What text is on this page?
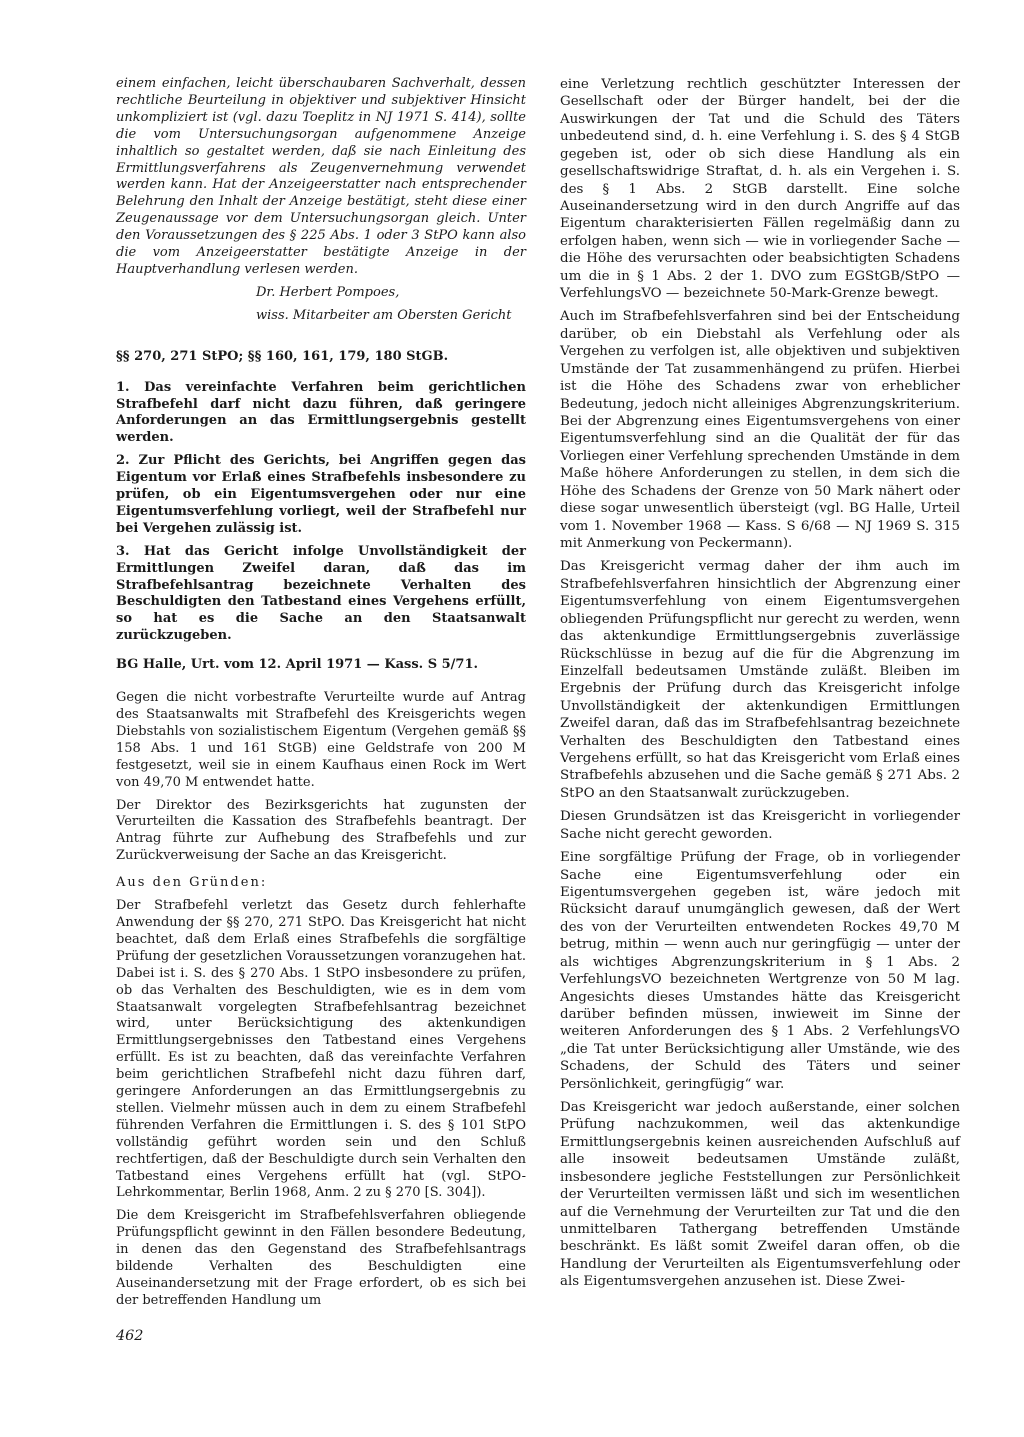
einem einfachen, leicht überschaubaren Sachverhalt, dessen rechtliche Beurteilung in objektiver und subjektiver Hinsicht unkompliziert ist (vgl. dazu Toeplitz in NJ 1971 S. 414), sollte die vom Untersuchungsorgan aufgenommene Anzeige inhaltlich so gestaltet werden, daß sie nach Einleitung des Ermittlungsverfahrens als Zeugenvernehmung verwendet werden kann. Hat der Anzeigeerstatter nach entsprechender Belehrung den Inhalt der Anzeige bestätigt, steht diese einer Zeugenaussage vor dem Untersuchungsorgan gleich. Unter den Voraussetzungen des § 225 Abs. 1 oder 3 StPO kann also die vom Anzeigeerstatter bestätigte Anzeige in der Hauptverhandlung verlesen werden.

Dr. Herbert Pompoes,

wiss. Mitarbeiter am Obersten Gericht

§§ 270, 271 StPO; §§ 160, 161, 179, 180 StGB.

1. Das vereinfachte Verfahren beim gerichtlichen Strafbefehl darf nicht dazu führen, daß geringere Anforderungen an das Ermittlungsergebnis gestellt werden.

2. Zur Pflicht des Gerichts, bei Angriffen gegen das Eigentum vor Erlaß eines Strafbefehls insbesondere zu prüfen, ob ein Eigentumsvergehen oder nur eine Eigentumsverfehlung vorliegt, weil der Strafbefehl nur bei Vergehen zulässig ist.

3. Hat das Gericht infolge Unvollständigkeit der Ermittlungen Zweifel daran, daß das im Strafbefehlsantrag bezeichnete Verhalten des Beschuldigten den Tatbestand eines Vergehens erfüllt, so hat es die Sache an den Staatsanwalt zurückzugeben.

BG Halle, Urt. vom 12. April 1971 — Kass. S 5/71.

Gegen die nicht vorbestrafte Verurteilte wurde auf Antrag des Staatsanwalts mit Strafbefehl des Kreisgerichts wegen Diebstahls von sozialistischem Eigentum (Vergehen gemäß §§ 158 Abs. 1 und 161 StGB) eine Geldstrafe von 200 M festgesetzt, weil sie in einem Kaufhaus einen Rock im Wert von 49,70 M entwendet hatte.

Der Direktor des Bezirksgerichts hat zugunsten der Verurteilten die Kassation des Strafbefehls beantragt. Der Antrag führte zur Aufhebung des Strafbefehls und zur Zurückverweisung der Sache an das Kreisgericht.

Aus den Gründen:

Der Strafbefehl verletzt das Gesetz durch fehlerhafte Anwendung der §§ 270, 271 StPO. Das Kreisgericht hat nicht beachtet, daß dem Erlaß eines Strafbefehls die sorgfältige Prüfung der gesetzlichen Voraussetzungen voranzugehen hat. Dabei ist i. S. des § 270 Abs. 1 StPO insbesondere zu prüfen, ob das Verhalten des Beschuldigten, wie es in dem vom Staatsanwalt vorgelegten Strafbefehlsantrag bezeichnet wird, unter Berücksichtigung des aktenkundigen Ermittlungsergebnisses den Tatbestand eines Vergehens erfüllt. Es ist zu beachten, daß das vereinfachte Verfahren beim gerichtlichen Strafbefehl nicht dazu führen darf, geringere Anforderungen an das Ermittlungsergebnis zu stellen. Vielmehr müssen auch in dem zu einem Strafbefehl führenden Verfahren die Ermittlungen i. S. des § 101 StPO vollständig geführt worden sein und den Schluß rechtfertigen, daß der Beschuldigte durch sein Verhalten den Tatbestand eines Vergehens erfüllt hat (vgl. StPO-Lehrkommentar, Berlin 1968, Anm. 2 zu § 270 [S. 304]).

Die dem Kreisgericht im Strafbefehlsverfahren obliegende Prüfungspflicht gewinnt in den Fällen besondere Bedeutung, in denen das den Gegenstand des Strafbefehlsantrags bildende Verhalten des Beschuldigten eine Auseinandersetzung mit der Frage erfordert, ob es sich bei der betreffenden Handlung um

eine Verletzung rechtlich geschützter Interessen der Gesellschaft oder der Bürger handelt, bei der die Auswirkungen der Tat und die Schuld des Täters unbedeutend sind, d. h. eine Verfehlung i. S. des § 4 StGB gegeben ist, oder ob sich diese Handlung als ein gesellschaftswidrige Straftat, d. h. als ein Vergehen i. S. des § 1 Abs. 2 StGB darstellt. Eine solche Auseinandersetzung wird in den durch Angriffe auf das Eigentum charakterisierten Fällen regelmäßig dann zu erfolgen haben, wenn sich — wie in vorliegender Sache — die Höhe des verursachten oder beabsichtigten Schadens um die in § 1 Abs. 2 der 1. DVO zum EGStGB/StPO — VerfehlungsVO — bezeichnete 50-Mark-Grenze bewegt.

Auch im Strafbefehlsverfahren sind bei der Entscheidung darüber, ob ein Diebstahl als Verfehlung oder als Vergehen zu verfolgen ist, alle objektiven und subjektiven Umstände der Tat zusammenhängend zu prüfen. Hierbei ist die Höhe des Schadens zwar von erheblicher Bedeutung, jedoch nicht alleiniges Abgrenzungskriterium. Bei der Abgrenzung eines Eigentumsvergehens von einer Eigentumsverfehlung sind an die Qualität der für das Vorliegen einer Verfehlung sprechenden Umstände in dem Maße höhere Anforderungen zu stellen, in dem sich die Höhe des Schadens der Grenze von 50 Mark nähert oder diese sogar unwesentlich übersteigt (vgl. BG Halle, Urteil vom 1. November 1968 — Kass. S 6/68 — NJ 1969 S. 315 mit Anmerkung von Peckermann).

Das Kreisgericht vermag daher der ihm auch im Strafbefehlsverfahren hinsichtlich der Abgrenzung einer Eigentumsverfehlung von einem Eigentumsvergehen obliegenden Prüfungspflicht nur gerecht zu werden, wenn das aktenkundige Ermittlungsergebnis zuverlässige Rückschlüsse in bezug auf die für die Abgrenzung im Einzelfall bedeutsamen Umstände zuläßt. Bleiben im Ergebnis der Prüfung durch das Kreisgericht infolge Unvollständigkeit der aktenkundigen Ermittlungen Zweifel daran, daß das im Strafbefehlsantrag bezeichnete Verhalten des Beschuldigten den Tatbestand eines Vergehens erfüllt, so hat das Kreisgericht vom Erlaß eines Strafbefehls abzusehen und die Sache gemäß § 271 Abs. 2 StPO an den Staatsanwalt zurückzugeben.

Diesen Grundsätzen ist das Kreisgericht in vorliegender Sache nicht gerecht geworden.

Eine sorgfältige Prüfung der Frage, ob in vorliegender Sache eine Eigentumsverfehlung oder ein Eigentumsvergehen gegeben ist, wäre jedoch mit Rücksicht darauf unumgänglich gewesen, daß der Wert des von der Verurteilten entwendeten Rockes 49,70 M betrug, mithin — wenn auch nur geringfügig — unter der als wichtiges Abgrenzungskriterium in § 1 Abs. 2 VerfehlungsVO bezeichneten Wertgrenze von 50 M lag. Angesichts dieses Umstandes hätte das Kreisgericht darüber befinden müssen, inwieweit im Sinne der weiteren Anforderungen des § 1 Abs. 2 VerfehlungsVO „die Tat unter Berücksichtigung aller Umstände, wie des Schadens, der Schuld des Täters und seiner Persönlichkeit, geringfügig“ war.

Das Kreisgericht war jedoch außerstande, einer solchen Prüfung nachzukommen, weil das aktenkundige Ermittlungsergebnis keinen ausreichenden Aufschluß auf alle insoweit bedeutsamen Umstände zuläßt, insbesondere jegliche Feststellungen zur Persönlichkeit der Verurteilten vermissen läßt und sich im wesentlichen auf die Vernehmung der Verurteilten zur Tat und die den unmittelbaren Tathergang betreffenden Umstände beschränkt. Es läßt somit Zweifel daran offen, ob die Handlung der Verurteilten als Eigentumsverfehlung oder als Eigentumsvergehen anzusehen ist. Diese Zwei-

462
